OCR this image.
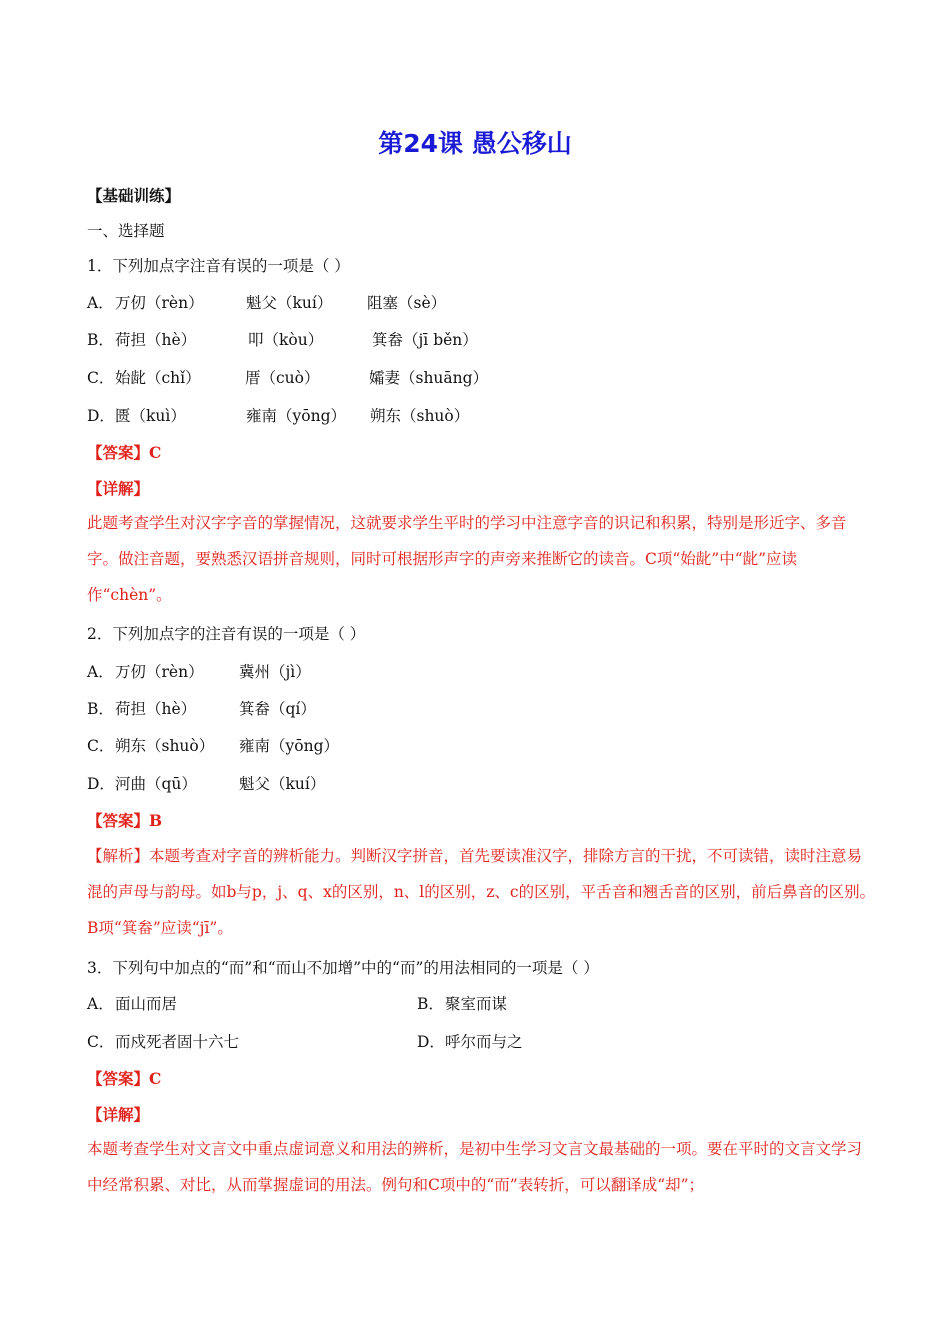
第24课 愚公移山
【基础训练】
一、选择题
1．下列加点字注音有误的一项是（ ）
A．万仞（rèn）	魁父（kuí） 阻塞（sè）
B．荷担（hè）	叩（kòu）	箕畚（jī běn）
C．始龀（chǐ）	厝（cuò）	孀妻（shuāng）
D．匮（kuì）	雍南（yōng） 朔东（shuò）
【答案】C
【详解】
此题考查学生对汉字字音的掌握情况，这就要求学生平时的学习中注意字音的识记和积累，特别是形近字、多音字。做注音题，要熟悉汉语拼音规则，同时可根据形声字的声旁来推断它的读音。C项“始龀”中“龀”应读作“chèn”。
2．下列加点字的注音有误的一项是（ ）
A．万仞（rèn） 冀州（jì）
B．荷担（hè）	箕畚（qí）
C．朔东（shuò） 雍南（yōng）
D．河曲（qū）	魁父（kuí）
【答案】B
【解析】本题考查对字音的辨析能力。判断汉字拼音，首先要读准汉字，排除方言的干扰，不可读错，读时注意易混的声母与韵母。如b与p，j、q、x的区别，n、l的区别，z、c的区别，平舌音和翘舌音的区别，前后鼻音的区别。B项“箕畚”应读“jī”。
3．下列句中加点的“而”和“而山不加增”中的“而”的用法相同的一项是（ ）
A．面山而居	B．聚室而谋
C．而戍死者固十六七	D．呼尔而与之
【答案】C
【详解】
本题考查学生对文言文中重点虚词意义和用法的辨析，是初中生学习文言文最基础的一项。要在平时的文言文学习中经常积累、对比，从而掌握虚词的用法。例句和C项中的“而”表转折，可以翻译成“却”；
